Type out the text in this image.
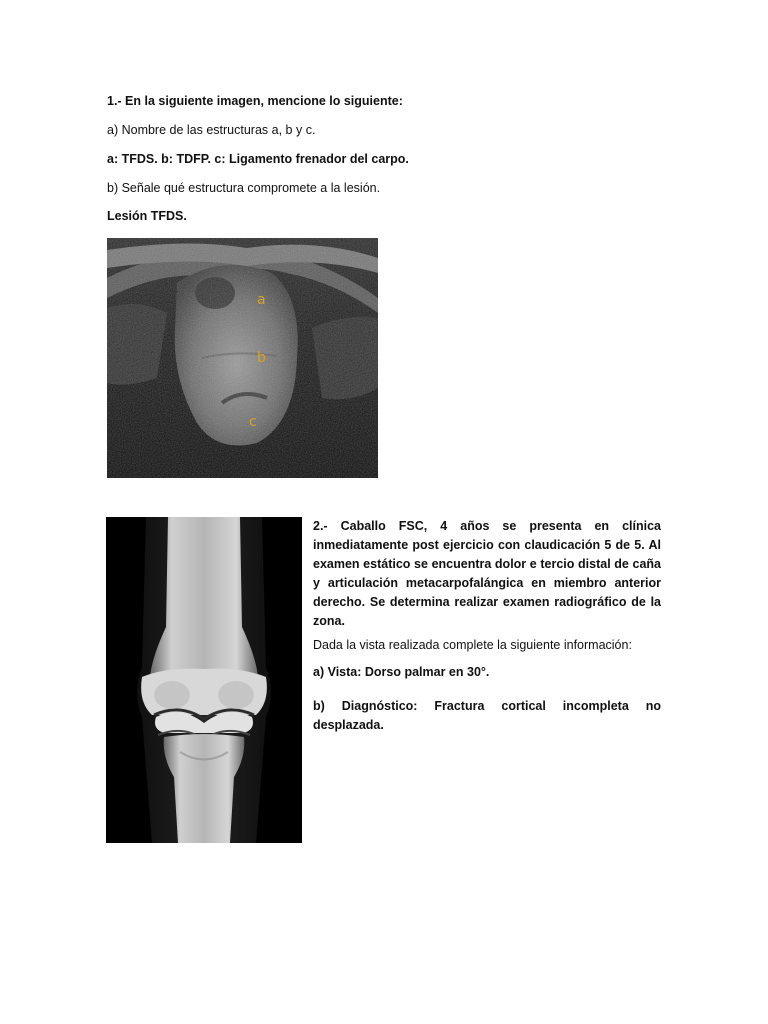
1.- En la siguiente imagen, mencione lo siguiente:
a) Nombre de las estructuras a, b y c.
a: TFDS. b: TDFP. c: Ligamento frenador del carpo.
b) Señale qué estructura compromete a la lesión.
Lesión TFDS.
a
b
c

2.- Caballo FSC, 4 años se presenta en clínica inmediatamente post ejercicio con claudicación 5 de 5. Al examen estático se encuentra dolor e tercio distal de caña y articulación metacarpofalángica en miembro anterior derecho. Se determina realizar examen radiográfico de la zona.

Dada la vista realizada complete la siguiente información:

a) Vista: Dorso palmar en 30°.

b) Diagnóstico: Fractura cortical incompleta no desplazada.
